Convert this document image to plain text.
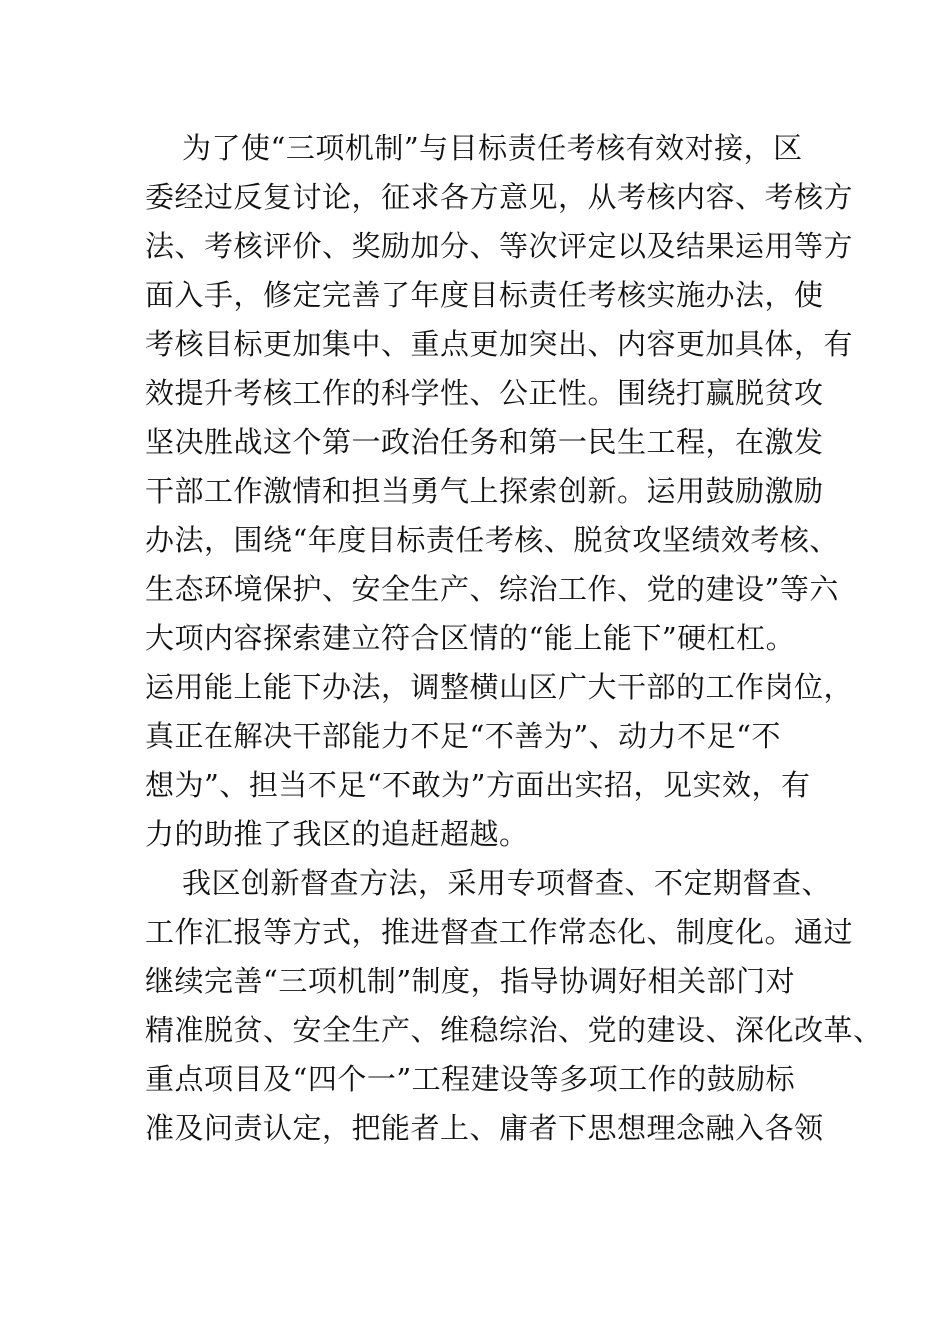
为了使“三项机制”与目标责任考核有效对接，区
委经过反复讨论，征求各方意见，从考核内容、考核方
法、考核评价、奖励加分、等次评定以及结果运用等方
面入手，修定完善了年度目标责任考核实施办法，使
考核目标更加集中、重点更加突出、内容更加具体，有
效提升考核工作的科学性、公正性。围绕打赢脱贫攻
坚决胜战这个第一政治任务和第一民生工程，在激发
干部工作激情和担当勇气上探索创新。运用鼓励激励
办法，围绕“年度目标责任考核、脱贫攻坚绩效考核、
生态环境保护、安全生产、综治工作、党的建设”等六
大项内容探索建立符合区情的“能上能下”硬杠杠。
运用能上能下办法，调整横山区广大干部的工作岗位，
真正在解决干部能力不足“不善为”、动力不足“不
想为”、担当不足“不敢为”方面出实招，见实效，有
力的助推了我区的追赶超越。
我区创新督查方法，采用专项督查、不定期督查、
工作汇报等方式，推进督查工作常态化、制度化。通过
继续完善“三项机制”制度，指导协调好相关部门对
精准脱贫、安全生产、维稳综治、党的建设、深化改革、
重点项目及“四个一”工程建设等多项工作的鼓励标
准及问责认定，把能者上、庸者下思想理念融入各领
